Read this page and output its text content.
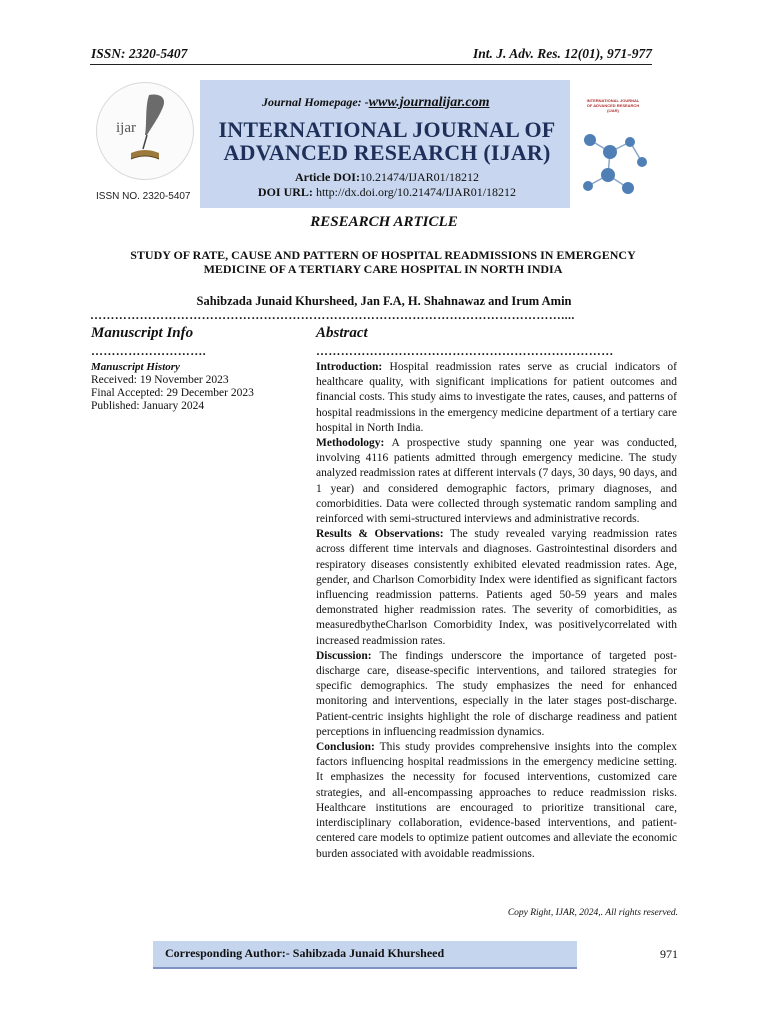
ISSN: 2320-5407	Int. J. Adv. Res. 12(01), 971-977
ijar
ISSN NO. 2320-5407
Journal Homepage: -www.journalijar.com
INTERNATIONAL JOURNAL OF
ADVANCED RESEARCH (IJAR)
Article DOI:10.21474/IJAR01/18212
DOI URL: http://dx.doi.org/10.21474/IJAR01/18212
INTERNATIONAL JOURNAL OF ADVANCED RESEARCH (IJAR)
RESEARCH ARTICLE
STUDY OF RATE, CAUSE AND PATTERN OF HOSPITAL READMISSIONS IN EMERGENCY MEDICINE OF A TERTIARY CARE HOSPITAL IN NORTH INDIA
Sahibzada Junaid Khursheed, Jan F.A, H. Shahnawaz and Irum Amin
……………………………………………………………………………………………………....
Manuscript Info
……………………….
Manuscript History
Received: 19 November 2023
Final Accepted: 29 December 2023
Published: January 2024
Abstract
………………………………………………………………

Introduction: Hospital readmission rates serve as crucial indicators of healthcare quality, with significant implications for patient outcomes and financial costs. This study aims to investigate the rates, causes, and patterns of hospital readmissions in the emergency medicine department of a tertiary care hospital in North India.

Methodology: A prospective study spanning one year was conducted, involving 4116 patients admitted through emergency medicine. The study analyzed readmission rates at different intervals (7 days, 30 days, 90 days, and 1 year) and considered demographic factors, primary diagnoses, and comorbidities. Data were collected through systematic random sampling and reinforced with semi-structured interviews and administrative records.

Results & Observations: The study revealed varying readmission rates across different time intervals and diagnoses. Gastrointestinal disorders and respiratory diseases consistently exhibited elevated readmission rates. Age, gender, and Charlson Comorbidity Index were identified as significant factors influencing readmission patterns. Patients aged 50-59 years and males demonstrated higher readmission rates. The severity of comorbidities, as measuredbytheCharlson Comorbidity Index, was positivelycorrelated with increased readmission rates.

Discussion: The findings underscore the importance of targeted post-discharge care, disease-specific interventions, and tailored strategies for specific demographics. The study emphasizes the need for enhanced monitoring and interventions, especially in the later stages post-discharge. Patient-centric insights highlight the role of discharge readiness and patient perceptions in influencing readmission dynamics.

Conclusion: This study provides comprehensive insights into the complex factors influencing hospital readmissions in the emergency medicine setting. It emphasizes the necessity for focused interventions, customized care strategies, and all-encompassing approaches to reduce readmission risks. Healthcare institutions are encouraged to prioritize transitional care, interdisciplinary collaboration, evidence-based interventions, and patient-centered care models to optimize patient outcomes and alleviate the economic burden associated with avoidable readmissions.

Copy Right, IJAR, 2024,. All rights reserved.
Corresponding Author:- Sahibzada Junaid Khursheed	971
